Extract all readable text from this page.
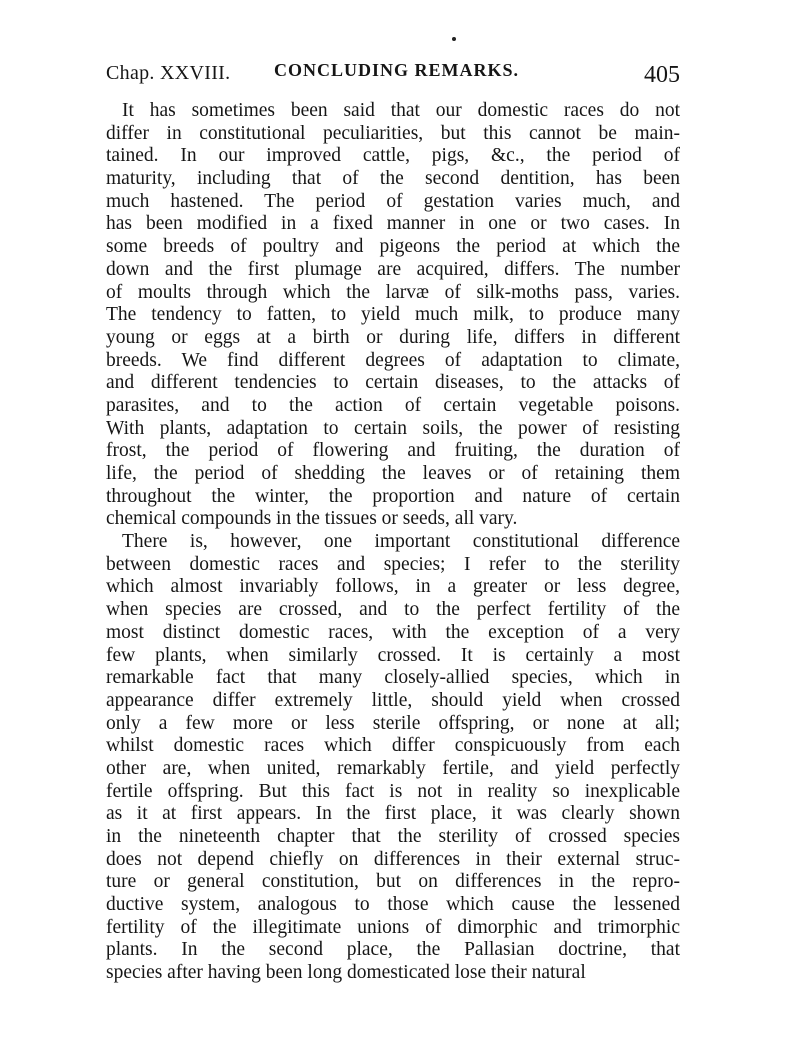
Chap. XXVIII. CONCLUDING REMARKS.	405
It has sometimes been said that our domestic races do not
differ in constitutional peculiarities, but this cannot be main-
tained. In our improved cattle, pigs, &c., the period of
maturity, including that of the second dentition, has been
much hastened. The period of gestation varies much, and
has been modified in a fixed manner in one or two cases. In
some breeds of poultry and pigeons the period at which the
down and the first plumage are acquired, differs. The number
of moults through which the larvæ of silk-moths pass, varies.
The tendency to fatten, to yield much milk, to produce many
young or eggs at a birth or during life, differs in different
breeds. We find different degrees of adaptation to climate,
and different tendencies to certain diseases, to the attacks of
parasites, and to the action of certain vegetable poisons.
With plants, adaptation to certain soils, the power of resisting
frost, the period of flowering and fruiting, the duration of
life, the period of shedding the leaves or of retaining them
throughout the winter, the proportion and nature of certain
chemical compounds in the tissues or seeds, all vary.
There is, however, one important constitutional difference
between domestic races and species; I refer to the sterility
which almost invariably follows, in a greater or less degree,
when species are crossed, and to the perfect fertility of the
most distinct domestic races, with the exception of a very
few plants, when similarly crossed. It is certainly a most
remarkable fact that many closely-allied species, which in
appearance differ extremely little, should yield when crossed
only a few more or less sterile offspring, or none at all;
whilst domestic races which differ conspicuously from each
other are, when united, remarkably fertile, and yield perfectly
fertile offspring. But this fact is not in reality so inexplicable
as it at first appears. In the first place, it was clearly shown
in the nineteenth chapter that the sterility of crossed species
does not depend chiefly on differences in their external struc-
ture or general constitution, but on differences in the repro-
ductive system, analogous to those which cause the lessened
fertility of the illegitimate unions of dimorphic and trimorphic
plants. In the second place, the Pallasian doctrine, that
species after having been long domesticated lose their natural
